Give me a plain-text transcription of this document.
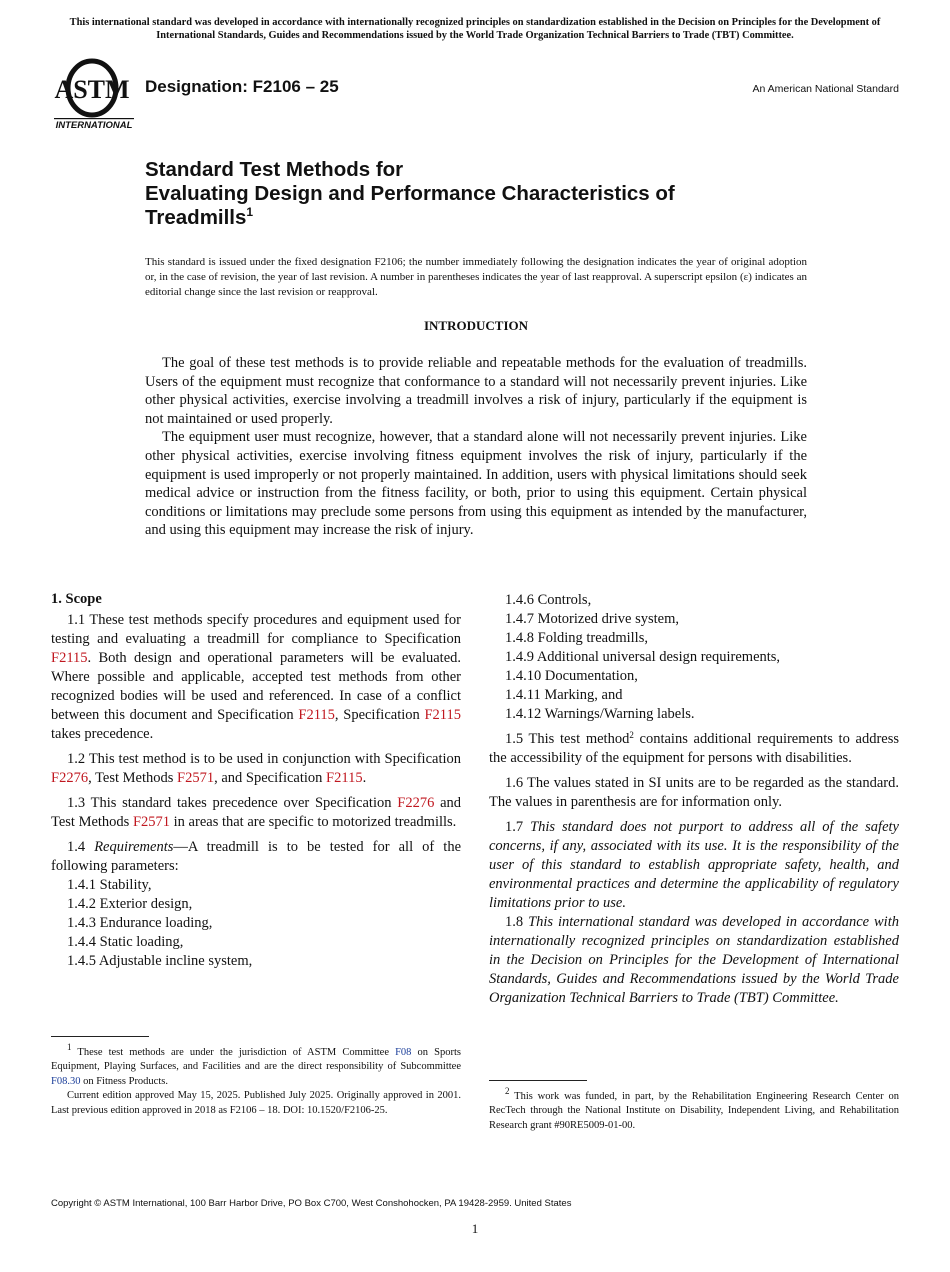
This international standard was developed in accordance with internationally recognized principles on standardization established in the Decision on Principles for the Development of International Standards, Guides and Recommendations issued by the World Trade Organization Technical Barriers to Trade (TBT) Committee.
ASTM
INTERNATIONAL
Designation: F2106 – 25	An American National Standard
Standard Test Methods for
Evaluating Design and Performance Characteristics of
Treadmills$^1$
This standard is issued under the fixed designation F2106; the number immediately following the designation indicates the year of original adoption or, in the case of revision, the year of last revision. A number in parentheses indicates the year of last reapproval. A superscript epsilon (ε) indicates an editorial change since the last revision or reapproval.
INTRODUCTION

The goal of these test methods is to provide reliable and repeatable methods for the evaluation of treadmills. Users of the equipment must recognize that conformance to a standard will not necessarily prevent injuries. Like other physical activities, exercise involving a treadmill involves a risk of injury, particularly if the equipment is not maintained or used properly.

The equipment user must recognize, however, that a standard alone will not necessarily prevent injuries. Like other physical activities, exercise involving fitness equipment involves the risk of injury, particularly if the equipment is used improperly or not properly maintained. In addition, users with physical limitations should seek medical advice or instruction from the fitness facility, or both, prior to using this equipment. Certain physical conditions or limitations may preclude some persons from using this equipment as intended by the manufacturer, and using this equipment may increase the risk of injury.

1. Scope

1.1 These test methods specify procedures and equipment used for testing and evaluating a treadmill for compliance to Specification F2115. Both design and operational parameters will be evaluated. Where possible and applicable, accepted test methods from other recognized bodies will be used and referenced. In case of a conflict between this document and Specification F2115, Specification F2115 takes precedence.

1.2 This test method is to be used in conjunction with Specification F2276, Test Methods F2571, and Specification F2115.

1.3 This standard takes precedence over Specification F2276 and Test Methods F2571 in areas that are specific to motorized treadmills.

1.4 Requirements—A treadmill is to be tested for all of the following parameters:

1.4.1 Stability,

1.4.2 Exterior design,

1.4.3 Endurance loading,

1.4.4 Static loading,

1.4.5 Adjustable incline system,

1.4.6 Controls,

1.4.7 Motorized drive system,

1.4.8 Folding treadmills,

1.4.9 Additional universal design requirements,

1.4.10 Documentation,

1.4.11 Marking, and

1.4.12 Warnings/Warning labels.

1.5 This test method$^2$ contains additional requirements to address the accessibility of the equipment for persons with disabilities.

1.6 The values stated in SI units are to be regarded as the standard. The values in parenthesis are for information only.

1.7 This standard does not purport to address all of the safety concerns, if any, associated with its use. It is the responsibility of the user of this standard to establish appropriate safety, health, and environmental practices and determine the applicability of regulatory limitations prior to use.

1.8 This international standard was developed in accordance with internationally recognized principles on standardization established in the Decision on Principles for the Development of International Standards, Guides and Recommendations issued by the World Trade Organization Technical Barriers to Trade (TBT) Committee.

$^1$ These test methods are under the jurisdiction of ASTM Committee F08 on Sports Equipment, Playing Surfaces, and Facilities and are the direct responsibility of Subcommittee F08.30 on Fitness Products.

Current edition approved May 15, 2025. Published July 2025. Originally approved in 2001. Last previous edition approved in 2018 as F2106 – 18. DOI: 10.1520/F2106-25.

$^2$ This work was funded, in part, by the Rehabilitation Engineering Research Center on RecTech through the National Institute on Disability, Independent Living, and Rehabilitation Research grant #90RE5009-01-00.

Copyright © ASTM International, 100 Barr Harbor Drive, PO Box C700, West Conshohocken, PA 19428-2959. United States
1
